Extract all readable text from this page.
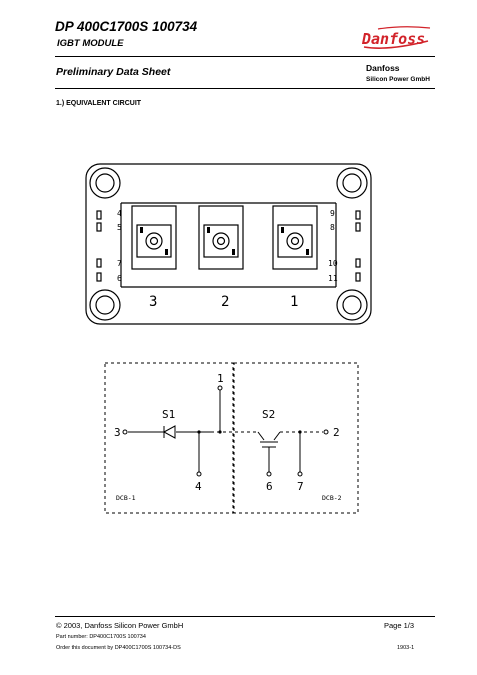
DP 400C1700S 100734
IGBT MODULE	Danfoss
Preliminary Data Sheet	Danfoss
Silicon Power GmbH
1.) EQUIVALENT CIRCUIT
4
5
7
6
9
8
10
11
3	2	1
1
3	2
4	6 7
S1	S2
DCB-1	DCB-2
© 2003, Danfoss Silicon Power GmbH	Page 1/3
Part number: DP400C1700S 100734
Order this document by DP400C1700S 100734-DS	1903-1
